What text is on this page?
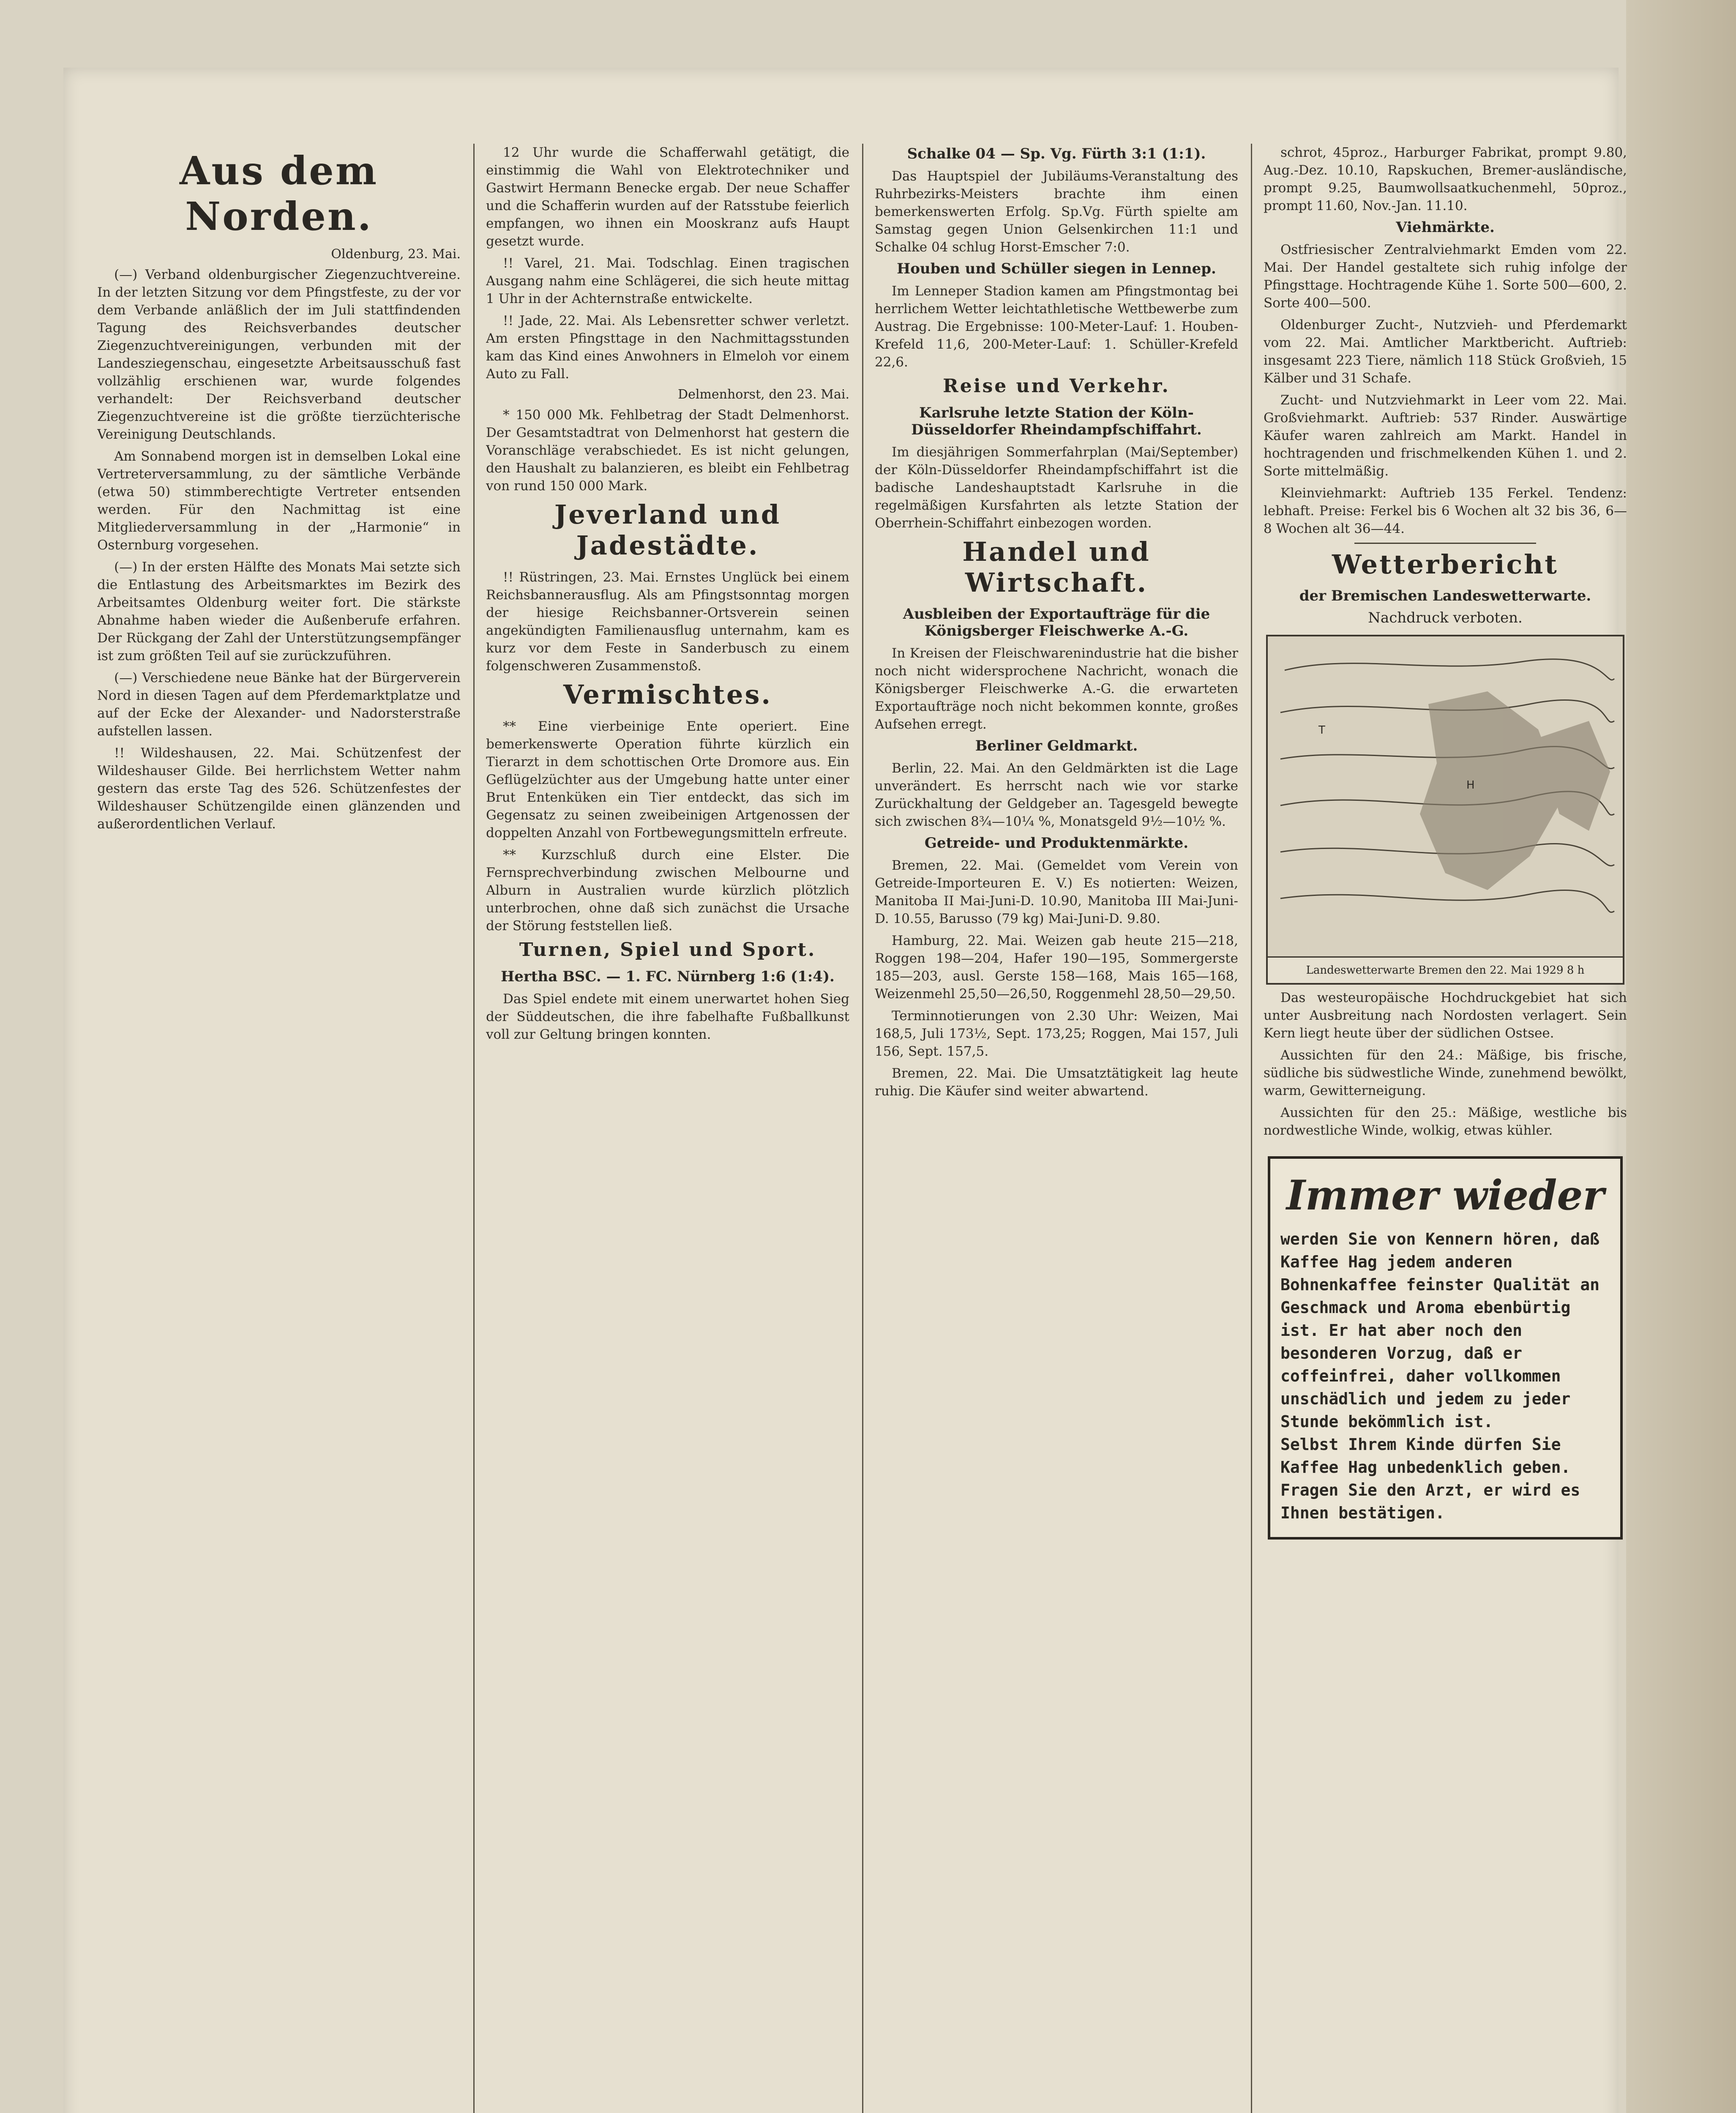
Aus dem Norden.
Oldenburg, 23. Mai.

(—) Verband oldenburgischer Ziegenzuchtvereine. In der letzten Sitzung vor dem Pfingstfeste, zu der vor dem Verbande anläßlich der im Juli stattfindenden Tagung des Reichsverbandes deutscher Ziegenzuchtvereinigungen, verbunden mit der Landesziegenschau, eingesetzte Arbeitsausschuß fast vollzählig erschienen war, wurde folgendes verhandelt: Der Reichsverband deutscher Ziegenzuchtvereine ist die größte tierzüchterische Vereinigung Deutschlands.

Am Sonnabend morgen ist in demselben Lokal eine Vertreterversammlung, zu der sämtliche Verbände (etwa 50) stimmberechtigte Vertreter entsenden werden. Für den Nachmittag ist eine Mitgliederversammlung in der „Harmonie“ in Osternburg vorgesehen.

(—) In der ersten Hälfte des Monats Mai setzte sich die Entlastung des Arbeitsmarktes im Bezirk des Arbeitsamtes Oldenburg weiter fort. Die stärkste Abnahme haben wieder die Außenberufe erfahren. Der Rückgang der Zahl der Unterstützungsempfänger ist zum größten Teil auf sie zurückzuführen.

(—) Verschiedene neue Bänke hat der Bürgerverein Nord in diesen Tagen auf dem Pferdemarktplatze und auf der Ecke der Alexander- und Nadorsterstraße aufstellen lassen.

!! Wildeshausen, 22. Mai. Schützenfest der Wildeshauser Gilde. Bei herrlichstem Wetter nahm gestern das erste Tag des 526. Schützenfestes der Wildeshauser Schützengilde einen glänzenden und außerordentlichen Verlauf.

12 Uhr wurde die Schafferwahl getätigt, die einstimmig die Wahl von Elektrotechniker und Gastwirt Hermann Benecke ergab. Der neue Schaffer und die Schafferin wurden auf der Ratsstube feierlich empfangen, wo ihnen ein Mooskranz aufs Haupt gesetzt wurde.

!! Varel, 21. Mai. Todschlag. Einen tragischen Ausgang nahm eine Schlägerei, die sich heute mittag 1 Uhr in der Achternstraße entwickelte.

!! Jade, 22. Mai. Als Lebensretter schwer verletzt. Am ersten Pfingsttage in den Nachmittagsstunden kam das Kind eines Anwohners in Elmeloh vor einem Auto zu Fall.

Delmenhorst, den 23. Mai.

* 150 000 Mk. Fehlbetrag der Stadt Delmenhorst. Der Gesamtstadtrat von Delmenhorst hat gestern die Voranschläge verabschiedet. Es ist nicht gelungen, den Haushalt zu balanzieren, es bleibt ein Fehlbetrag von rund 150 000 Mark.

Jeverland und Jadestädte.

!! Rüstringen, 23. Mai. Ernstes Unglück bei einem Reichsbannerausflug. Als am Pfingstsonntag morgen der hiesige Reichsbanner-Ortsverein seinen angekündigten Familienausflug unternahm, kam es kurz vor dem Feste in Sanderbusch zu einem folgenschweren Zusammenstoß.

Vermischtes.

** Eine vierbeinige Ente operiert. Eine bemerkenswerte Operation führte kürzlich ein Tierarzt in dem schottischen Orte Dromore aus. Ein Geflügelzüchter aus der Umgebung hatte unter einer Brut Entenküken ein Tier entdeckt, das sich im Gegensatz zu seinen zweibeinigen Artgenossen der doppelten Anzahl von Fortbewegungsmitteln erfreute.

** Kurzschluß durch eine Elster. Die Fernsprechverbindung zwischen Melbourne und Alburn in Australien wurde kürzlich plötzlich unterbrochen, ohne daß sich zunächst die Ursache der Störung feststellen ließ.

Turnen, Spiel und Sport.
Hertha BSC. — 1. FC. Nürnberg 1:6 (1:4).

Das Spiel endete mit einem unerwartet hohen Sieg der Süddeutschen, die ihre fabelhafte Fußballkunst voll zur Geltung bringen konnten.

Schalke 04 — Sp. Vg. Fürth 3:1 (1:1).

Das Hauptspiel der Jubiläums-Veranstaltung des Ruhrbezirks-Meisters brachte ihm einen bemerkenswerten Erfolg. Sp.Vg. Fürth spielte am Samstag gegen Union Gelsenkirchen 11:1 und Schalke 04 schlug Horst-Emscher 7:0.

Houben und Schüller siegen in Lennep.

Im Lenneper Stadion kamen am Pfingstmontag bei herrlichem Wetter leichtathletische Wettbewerbe zum Austrag. Die Ergebnisse: 100-Meter-Lauf: 1. Houben-Krefeld 11,6, 200-Meter-Lauf: 1. Schüller-Krefeld 22,6.

Reise und Verkehr.
Karlsruhe letzte Station der Köln-Düsseldorfer Rheindampfschiffahrt.

Im diesjährigen Sommerfahrplan (Mai/September) der Köln-Düsseldorfer Rheindampfschiffahrt ist die badische Landeshauptstadt Karlsruhe in die regelmäßigen Kursfahrten als letzte Station der Oberrhein-Schiffahrt einbezogen worden.

Handel und Wirtschaft.
Ausbleiben der Exportaufträge für die Königsberger Fleischwerke A.-G.

In Kreisen der Fleischwarenindustrie hat die bisher noch nicht widersprochene Nachricht, wonach die Königsberger Fleischwerke A.-G. die erwarteten Exportaufträge noch nicht bekommen konnte, großes Aufsehen erregt.

Berliner Geldmarkt.

Berlin, 22. Mai. An den Geldmärkten ist die Lage unverändert. Es herrscht nach wie vor starke Zurückhaltung der Geldgeber an. Tagesgeld bewegte sich zwischen 8¾—10¼ %, Monatsgeld 9½—10½ %.

Getreide- und Produktenmärkte.

Bremen, 22. Mai. (Gemeldet vom Verein von Getreide-Importeuren E. V.) Es notierten: Weizen, Manitoba II Mai-Juni-D. 10.90, Manitoba III Mai-Juni-D. 10.55, Barusso (79 kg) Mai-Juni-D. 9.80.

Hamburg, 22. Mai. Weizen gab heute 215—218, Roggen 198—204, Hafer 190—195, Sommergerste 185—203, ausl. Gerste 158—168, Mais 165—168, Weizenmehl 25,50—26,50, Roggenmehl 28,50—29,50.

Terminnotierungen von 2.30 Uhr: Weizen, Mai 168,5, Juli 173½, Sept. 173,25; Roggen, Mai 157, Juli 156, Sept. 157,5.

Bremen, 22. Mai. Die Umsatztätigkeit lag heute ruhig. Die Käufer sind weiter abwartend.

schrot, 45proz., Harburger Fabrikat, prompt 9.80, Aug.-Dez. 10.10, Rapskuchen, Bremer-ausländische, prompt 9.25, Baumwollsaatkuchenmehl, 50proz., prompt 11.60, Nov.-Jan. 11.10.

Viehmärkte.

Ostfriesischer Zentralviehmarkt Emden vom 22. Mai. Der Handel gestaltete sich ruhig infolge der Pfingsttage. Hochtragende Kühe 1. Sorte 500—600, 2. Sorte 400—500.

Oldenburger Zucht-, Nutzvieh- und Pferdemarkt vom 22. Mai. Amtlicher Marktbericht. Auftrieb: insgesamt 223 Tiere, nämlich 118 Stück Großvieh, 15 Kälber und 31 Schafe.

Zucht- und Nutzviehmarkt in Leer vom 22. Mai. Großviehmarkt. Auftrieb: 537 Rinder. Auswärtige Käufer waren zahlreich am Markt. Handel in hochtragenden und frischmelkenden Kühen 1. und 2. Sorte mittelmäßig.

Kleinviehmarkt: Auftrieb 135 Ferkel. Tendenz: lebhaft. Preise: Ferkel bis 6 Wochen alt 32 bis 36, 6—8 Wochen alt 36—44.

Wetterbericht
der Bremischen Landeswetterwarte.
Nachdruck verboten.
H
T
Landeswetterwarte Bremen den 22. Mai 1929 8 h

Das westeuropäische Hochdruckgebiet hat sich unter Ausbreitung nach Nordosten verlagert. Sein Kern liegt heute über der südlichen Ostsee.

Aussichten für den 24.: Mäßige, bis frische, südliche bis südwestliche Winde, zunehmend bewölkt, warm, Gewitterneigung.

Aussichten für den 25.: Mäßige, westliche bis nordwestliche Winde, wolkig, etwas kühler.

Immer wieder
werden Sie von Kennern hören, daß Kaffee Hag jedem anderen Bohnenkaffee feinster Qualität an Geschmack und Aroma ebenbürtig ist. Er hat aber noch den besonderen Vorzug, daß er coffeinfrei, daher vollkommen unschädlich und jedem zu jeder Stunde bekömmlich ist.
Selbst Ihrem Kinde dürfen Sie Kaffee Hag unbedenklich geben. Fragen Sie den Arzt, er wird es Ihnen bestätigen.
